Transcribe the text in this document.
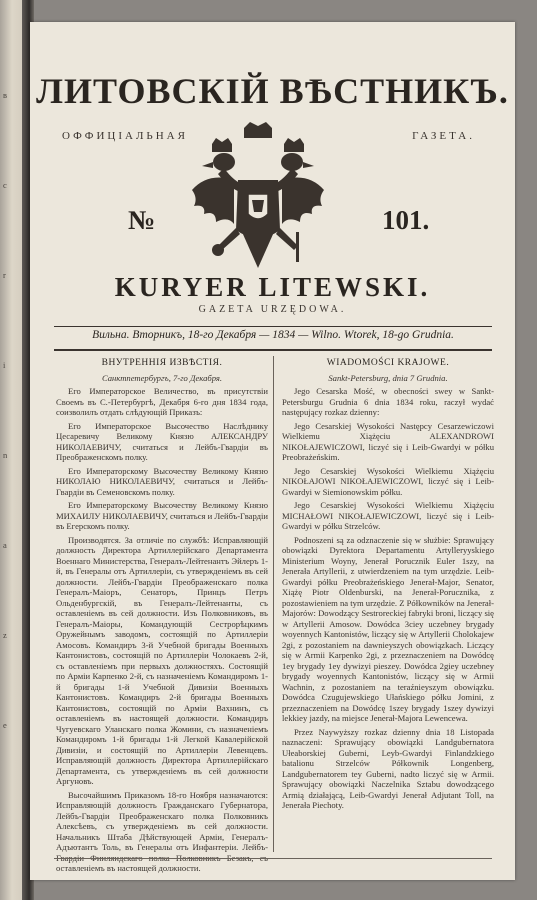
в
с
r
i
n
a
z
e
ЛИТОВСКІЙ ВѢСТНИКЪ.
ОФФИЦІАЛЬНАЯ	ГАЗЕТА.
№	101.
KURYER LITEWSKI.
GAZETA URZĘDOWA.
Вильна. Вторникъ, 18-го Декабря — 1834 — Wilno. Wtorek, 18-go Grudnia.
ВНУТРЕННІЯ ИЗВѢСТІЯ.

Санктпетербургъ, 7-го Декабря.

Его Императорское Величество, въ присутствіи Своемъ въ С.-Петербургѣ, Декабря 6-го дня 1834 года, соизволилъ отдать слѣдующій Приказъ:

Его Императорское Высочество Наслѣднику Цесаревичу Великому Князю АЛЕКСАНДРУ НИКОЛАЕВИЧУ, считаться и Лейбъ-Гвардіи въ Преображенскомъ полку.

Его Императорскому Высочеству Великому Князю НИКОЛАЮ НИКОЛАЕВИЧУ, считаться и Лейбъ-Гвардіи въ Семеновскомъ полку.

Его Императорскому Высочеству Великому Князю МИХАИЛУ НИКОЛАЕВИЧУ, считаться и Лейбъ-Гвардіи въ Егерскомъ полку.

Производятся. За отличіе по службѣ: Исправляющій должность Директора Артиллерійскаго Департамента Военнаго Министерства, Генералъ-Лейтенантъ Эйлеръ 1-й, въ Генералы отъ Артиллеріи, съ утвержденіемъ въ сей должности. Лейбъ-Гвардіи Преображенскаго полка Генералъ-Маіоръ, Сенаторъ, Принцъ Петръ Ольденбургскій, въ Генералъ-Лейтенанты, съ оставленіемъ въ сей должности. Изъ Полковниковъ, въ Генералъ-Маіоры, Командующій Сестрорѣцкимъ Оружейнымъ заводомъ, состоящій по Артиллеріи Амосовъ. Командиръ 3-й Учебной бригады Военныхъ Кантонистовъ, состоящій по Артиллеріи Чолокаевъ 2-й, съ оставленіемъ при первыхъ должностяхъ. Состоящій по Арміи Карпенко 2-й, съ назначеніемъ Командиромъ 1-й бригады 1-й Учебной Дивизіи Военныхъ Кантонистовъ. Командиръ 2-й бригады Военныхъ Кантонистовъ, состоящій по Арміи Вахнинъ, съ оставленіемъ въ настоящей должности. Командиръ Чугуевскаго Уланскаго полка Жомини, съ назначеніемъ Командиромъ 1-й бригады 1-й Легкой Кавалерійской Дивизіи, и состоящій по Артиллеріи Левенцевъ. Исправляющій должность Директора Артиллерійскаго Департамента, съ утвержденіемъ въ сей должности Аргуновъ.

Высочайшимъ Приказомъ 18-го Ноября назначаются: Исправляющій должность Гражданскаго Губернатора, Лейбъ-Гвардіи Преображенскаго полка Полковникъ Алексѣевъ, съ утвержденіемъ въ сей должности. Начальникъ Штаба Дѣйствующей Арміи, Генералъ-Адъютантъ Толь, въ Генералы отъ Инфантеріи. Лейбъ- оставленіемъ въ настоящей должности.

WIADOMOŚCI KRAJOWE.

Sankt-Petersburg, dnia 7 Grudnia.

Jego Cesarska Mość, w obecności swey w Sankt-Petersburgu Grudnia 6 dnia 1834 roku, raczył wydać następujący rozkaz dzienny:

Jego Cesarskiej Wysokości Następcy Cesarzewiczowi Wielkiemu Xiążęciu ALEXANDROWI NIKOŁAJEWICZOWI, liczyć się i Leib-Gwardyi w półku Preobrażeńskim.

Jego Cesarskiej Wysokości Wielkiemu Xiążęciu NIKOŁAJOWI NIKOŁAJEWICZOWI, liczyć się i Leib-Gwardyi w Siemionowskim półku.

Jego Cesarskiej Wysokości Wielkiemu Xiążęciu MICHAŁOWI NIKOŁAJEWICZOWI, liczyć się i Leib-Gwardyi w półku Strzelców.

Podnoszeni są za odznaczenie się w służbie: Sprawujący obowiązki Dyrektora Departamentu Artylleryyskiego Ministerium Woyny, Jenerał Porucznik Euler 1szy, na Jenerała Artyllerii, z utwierdzeniem na tym urzędzie. Leib-Gwardyi półku Preobrażeńskiego Jenerał-Major, Senator, Xiążę Piotr Oldenburski, na Jenerał-Porucznika, z pozostawieniem na tym urzędzie. Z Półkowników na Jenerał-Majorów: Dowodzący Sestroreckiej fabryki broni, liczący się w Artyllerii Amosow. Dowódca 3ciey uczebney brygady woyennych Kantonistów, liczący się w Artyllerii Cholokajew 2gi, z pozostaniem na dawnieyszych obowiązkach. Liczący się w Armii Karpenko 2gi, z przeznaczeniem na Dowódcę 1ey brygady 1ey dywizyi pieszey. Dowódca 2giey uczebney brygady woyennych Kantonistów, liczący się w Armii Wachnin, z pozostaniem na teraźnieyszym obowiązku. Dowódca Czugujewskiego Ułańskiego półku Jomini, z przeznaczeniem na Dowódcę 1szey brygady 1szey dywizyi lekkiey jazdy, na miejsce Jenerał-Majora Lewencewa.

Przez Naywyższy rozkaz dzienny dnia 18 Listopada naznaczeni: Sprawujący obowiązki Landgubernatora Ułeaborskiej Guberni, Leyb-Gwardyi Finlandzkiego batalionu Strzelców Półkownik Longenberg, Landgubernatorem tey Guberni, nadto liczyć się w Armii. Sprawujący obowiązki Naczelnika Sztabu dowodzącego Armią działającą, Leib-Gwardyi Jenerał Adjutant Toll, na Jenerała Piechoty.
